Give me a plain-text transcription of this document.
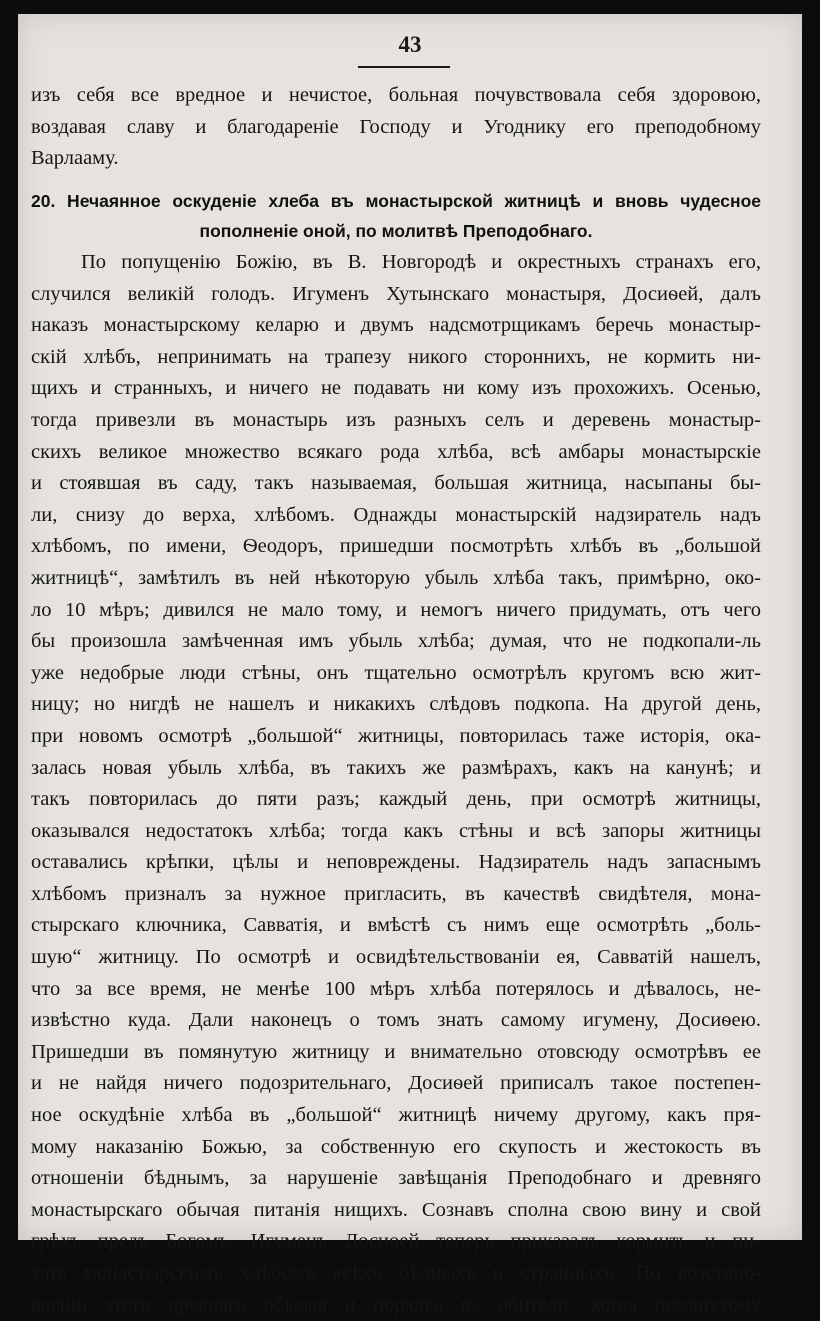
43
изъ себя все вредное и нечистое, больная почувствовала себя здоровою,
воздавая славу и благодареніе Господу и Угоднику его преподобному
Варлааму.
20. Нечаянное оскуденіе хлеба въ монастырской житницѣ и вновь чудесное
пополненіе оной, по молитвѣ Преподобнаго.
По попущенію Божію, въ В. Новгородѣ и окрестныхъ странахъ его,
случился великій голодъ. Игуменъ Хутынскаго монастыря, Досиѳей, далъ
наказъ монастырскому келарю и двумъ надсмотрщикамъ беречь монастыр-
скій хлѣбъ, непринимать на трапезу никого стороннихъ, не кормить ни-
щихъ и странныхъ, и ничего не подавать ни кому изъ прохожихъ. Осенью,
тогда привезли въ монастырь изъ разныхъ селъ и деревень монастыр-
скихъ великое множество всякаго рода хлѣба, всѣ амбары монастырскіе
и стоявшая въ саду, такъ называемая, большая житница, насыпаны бы-
ли, снизу до верха, хлѣбомъ. Однажды монастырскій надзиратель надъ
хлѣбомъ, по имени, Ѳеодоръ, пришедши посмотрѣть хлѣбъ въ „большой
житницѣ“, замѣтилъ въ ней нѣкоторую убыль хлѣба такъ, примѣрно, око-
ло 10 мѣръ; дивился не мало тому, и немогъ ничего придумать, отъ чего
бы произошла замѣченная имъ убыль хлѣба; думая, что не подкопали-ль
уже недобрые люди стѣны, онъ тщательно осмотрѣлъ кругомъ всю жит-
ницу; но нигдѣ не нашелъ и никакихъ слѣдовъ подкопа. На другой день,
при новомъ осмотрѣ „большой“ житницы, повторилась таже исторія, ока-
залась новая убыль хлѣба, въ такихъ же размѣрахъ, какъ на канунѣ; и
такъ повторилась до пяти разъ; каждый день, при осмотрѣ житницы,
оказывался недостатокъ хлѣба; тогда какъ стѣны и всѣ запоры житницы
оставались крѣпки, цѣлы и неповреждены. Надзиратель надъ запаснымъ
хлѣбомъ призналъ за нужное пригласить, въ качествѣ свидѣтеля, мона-
стырскаго ключника, Савватія, и вмѣстѣ съ нимъ еще осмотрѣть „боль-
шую“ житницу. По осмотрѣ и освидѣтельствованіи ея, Савватій нашелъ,
что за все время, не менѣе 100 мѣръ хлѣба потерялось и дѣвалось, не-
извѣстно куда. Дали наконецъ о томъ знать самому игумену, Досиѳею.
Пришедши въ помянутую житницу и внимательно отовсюду осмотрѣвъ ее
и не найдя ничего подозрительнаго, Досиѳей приписалъ такое постепен-
ное оскудѣніе хлѣба въ „большой“ житницѣ ничему другому, какъ пря-
мому наказанію Божью, за собственную его скупость и жестокость въ
отношеніи бѣднымъ, за нарушеніе завѣщанія Преподобнаго и древняго
монастырскаго обычая питанія нищихъ. Сознавъ сполна свою вину и свой
грѣхъ предъ Богомъ. Игуменъ Досиѳей теперь приказалъ кормить и пи-
тать монастырскимъ хлѣбомъ всѣхъ бѣдныхъ и странныхъ. По возстано-
вленіи этого древняго обычая и порядка въ обители, когда помянутому
